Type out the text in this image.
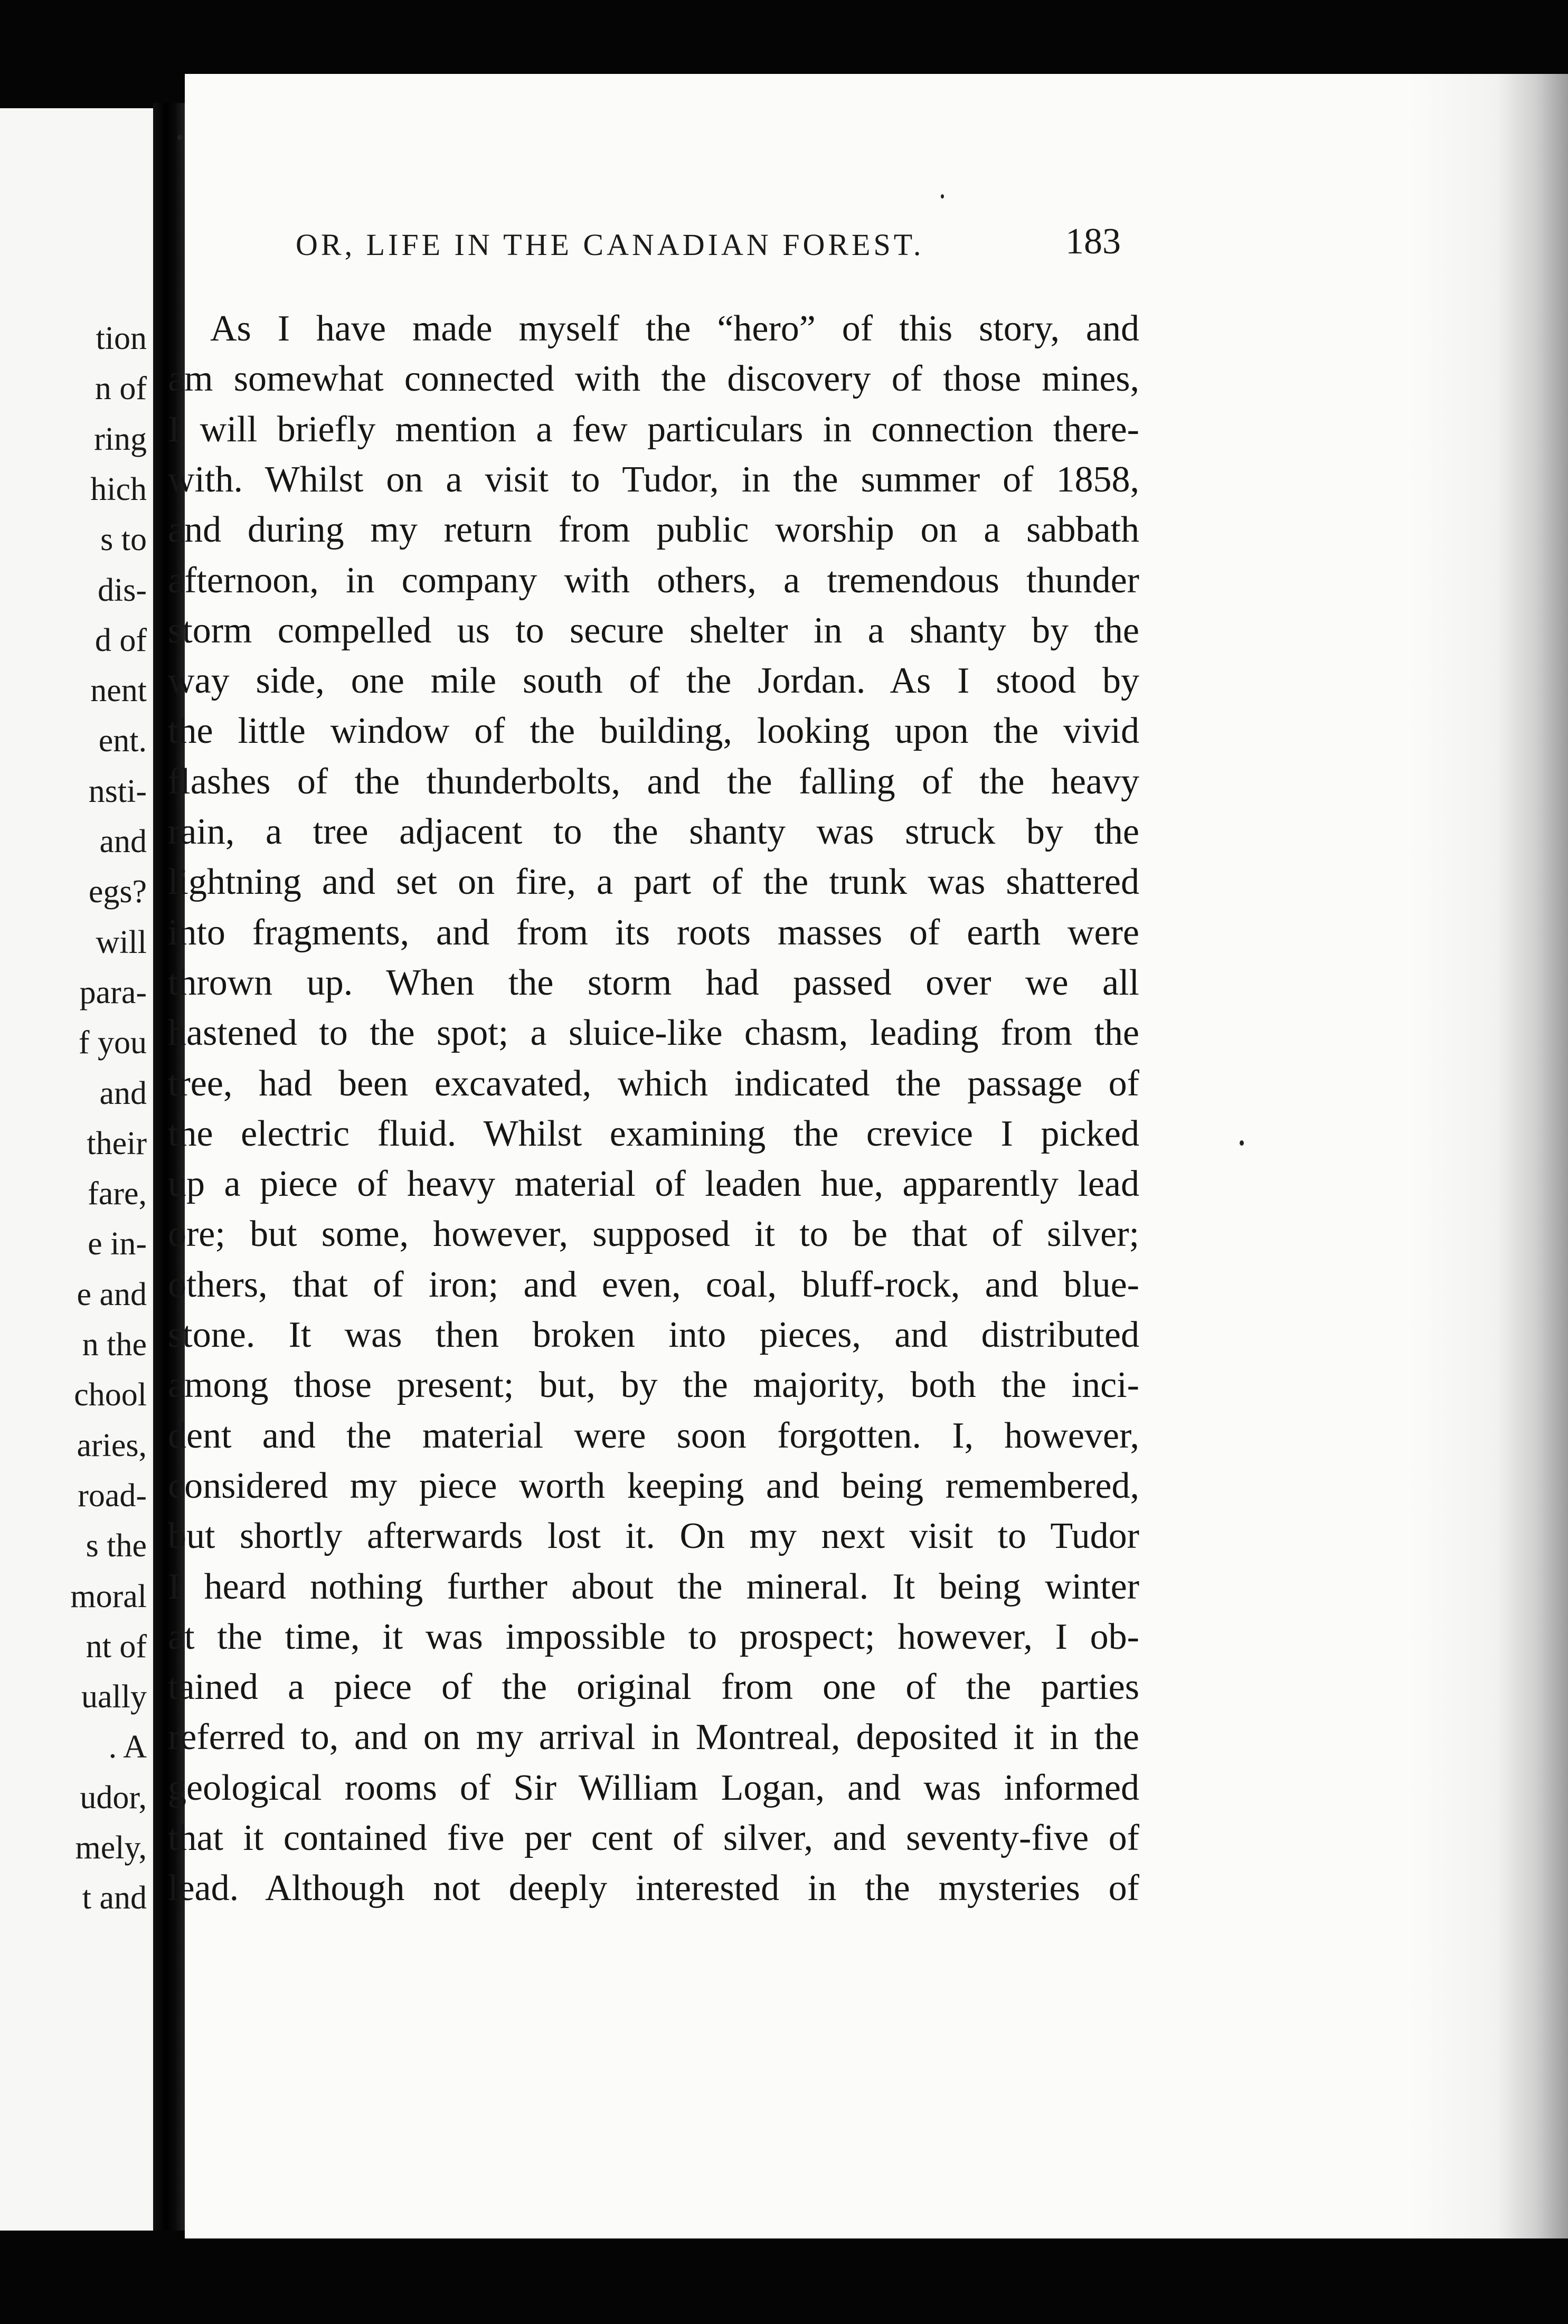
tion
n of
ring
hich
s to
dis-
d of
nent
ent.
nsti-
and
egs?
will
para-
f you
and
their
fare,
e in-
e and
n the
chool
aries,
road-
s the
moral
nt of
ually
. A
udor,
mely,
t and
OR, LIFE IN THE CANADIAN FOREST.	183
As I have made myself the “hero” of this story, and
am somewhat connected with the discovery of those mines,
I will briefly mention a few particulars in connection there-
with. Whilst on a visit to Tudor, in the summer of 1858,
and during my return from public worship on a sabbath
afternoon, in company with others, a tremendous thunder
storm compelled us to secure shelter in a shanty by the
way side, one mile south of the Jordan. As I stood by
the little window of the building, looking upon the vivid
flashes of the thunderbolts, and the falling of the heavy
rain, a tree adjacent to the shanty was struck by the
lightning and set on fire, a part of the trunk was shattered
into fragments, and from its roots masses of earth were
thrown up. When the storm had passed over we all
hastened to the spot; a sluice-like chasm, leading from the
tree, had been excavated, which indicated the passage of
the electric fluid. Whilst examining the crevice I picked
up a piece of heavy material of leaden hue, apparently lead
ore; but some, however, supposed it to be that of silver;
others, that of iron; and even, coal, bluff-rock, and blue-
stone. It was then broken into pieces, and distributed
among those present; but, by the majority, both the inci-
dent and the material were soon forgotten. I, however,
considered my piece worth keeping and being remembered,
but shortly afterwards lost it. On my next visit to Tudor
I heard nothing further about the mineral. It being winter
at the time, it was impossible to prospect; however, I ob-
tained a piece of the original from one of the parties
referred to, and on my arrival in Montreal, deposited it in the
geological rooms of Sir William Logan, and was informed
that it contained five per cent of silver, and seventy-five of
lead. Although not deeply interested in the mysteries of
